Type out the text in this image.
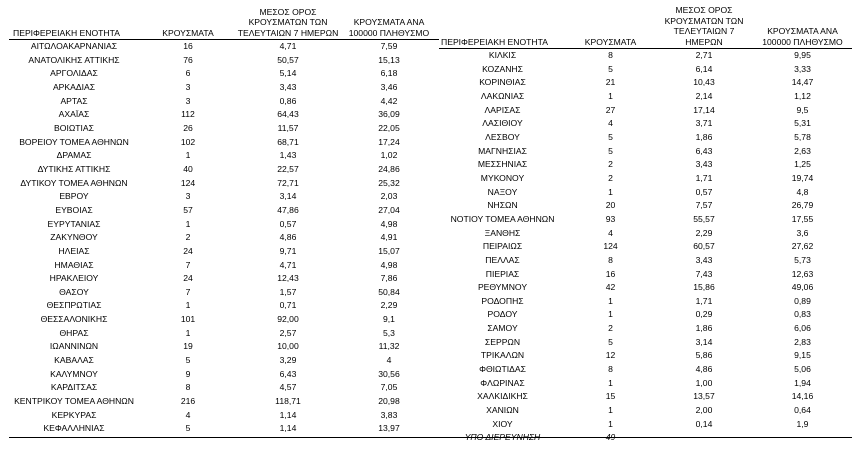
ΠΕΡΙΦΕΡΕΙΑΚΗ ΕΝΟΤΗΤΑ	ΚΡΟΥΣΜΑΤΑ	ΜΕΣΟΣ ΟΡΟΣ ΚΡΟΥΣΜΑΤΩΝ ΤΩΝ ΤΕΛΕΥΤΑΙΩΝ 7 ΗΜΕΡΩΝ	ΚΡΟΥΣΜΑΤΑ ΑΝΑ 100000 ΠΛΗΘΥΣΜΟ
ΑΙΤΩΛΟΑΚΑΡΝΑΝΙΑΣ	16	4,71	7,59
ΑΝΑΤΟΛΙΚΗΣ ΑΤΤΙΚΗΣ	76	50,57	15,13
ΑΡΓΟΛΙΔΑΣ	6	5,14	6,18
ΑΡΚΑΔΙΑΣ	3	3,43	3,46
ΑΡΤΑΣ	3	0,86	4,42
ΑΧΑΪΑΣ	112	64,43	36,09
ΒΟΙΩΤΙΑΣ	26	11,57	22,05
ΒΟΡΕΙΟΥ ΤΟΜΕΑ ΑΘΗΝΩΝ	102	68,71	17,24
ΔΡΑΜΑΣ	1	1,43	1,02
ΔΥΤΙΚΗΣ ΑΤΤΙΚΗΣ	40	22,57	24,86
ΔΥΤΙΚΟΥ ΤΟΜΕΑ ΑΘΗΝΩΝ	124	72,71	25,32
ΕΒΡΟΥ	3	3,14	2,03
ΕΥΒΟΙΑΣ	57	47,86	27,04
ΕΥΡΥΤΑΝΙΑΣ	1	0,57	4,98
ΖΑΚΥΝΘΟΥ	2	4,86	4,91
ΗΛΕΙΑΣ	24	9,71	15,07
ΗΜΑΘΙΑΣ	7	4,71	4,98
ΗΡΑΚΛΕΙΟΥ	24	12,43	7,86
ΘΑΣΟΥ	7	1,57	50,84
ΘΕΣΠΡΩΤΙΑΣ	1	0,71	2,29
ΘΕΣΣΑΛΟΝΙΚΗΣ	101	92,00	9,1
ΘΗΡΑΣ	1	2,57	5,3
ΙΩΑΝΝΙΝΩΝ	19	10,00	11,32
ΚΑΒΑΛΑΣ	5	3,29	4
ΚΑΛΥΜΝΟΥ	9	6,43	30,56
ΚΑΡΔΙΤΣΑΣ	8	4,57	7,05
ΚΕΝΤΡΙΚΟΥ ΤΟΜΕΑ ΑΘΗΝΩΝ	216	118,71	20,98
ΚΕΡΚΥΡΑΣ	4	1,14	3,83
ΚΕΦΑΛΛΗΝΙΑΣ	5	1,14	13,97
ΠΕΡΙΦΕΡΕΙΑΚΗ ΕΝΟΤΗΤΑ	ΚΡΟΥΣΜΑΤΑ	ΜΕΣΟΣ ΟΡΟΣ ΚΡΟΥΣΜΑΤΩΝ ΤΩΝ ΤΕΛΕΥΤΑΙΩΝ 7 ΗΜΕΡΩΝ	ΚΡΟΥΣΜΑΤΑ ΑΝΑ 100000 ΠΛΗΘΥΣΜΟ
ΚΙΛΚΙΣ	8	2,71	9,95
ΚΟΖΑΝΗΣ	5	6,14	3,33
ΚΟΡΙΝΘΙΑΣ	21	10,43	14,47
ΛΑΚΩΝΙΑΣ	1	2,14	1,12
ΛΑΡΙΣΑΣ	27	17,14	9,5
ΛΑΣΙΘΙΟΥ	4	3,71	5,31
ΛΕΣΒΟΥ	5	1,86	5,78
ΜΑΓΝΗΣΙΑΣ	5	6,43	2,63
ΜΕΣΣΗΝΙΑΣ	2	3,43	1,25
ΜΥΚΟΝΟΥ	2	1,71	19,74
ΝΑΞΟΥ	1	0,57	4,8
ΝΗΣΩΝ	20	7,57	26,79
ΝΟΤΙΟΥ ΤΟΜΕΑ ΑΘΗΝΩΝ	93	55,57	17,55
ΞΑΝΘΗΣ	4	2,29	3,6
ΠΕΙΡΑΙΩΣ	124	60,57	27,62
ΠΕΛΛΑΣ	8	3,43	5,73
ΠΙΕΡΙΑΣ	16	7,43	12,63
ΡΕΘΥΜΝΟΥ	42	15,86	49,06
ΡΟΔΟΠΗΣ	1	1,71	0,89
ΡΟΔΟΥ	1	0,29	0,83
ΣΑΜΟΥ	2	1,86	6,06
ΣΕΡΡΩΝ	5	3,14	2,83
ΤΡΙΚΑΛΩΝ	12	5,86	9,15
ΦΘΙΩΤΙΔΑΣ	8	4,86	5,06
ΦΛΩΡΙΝΑΣ	1	1,00	1,94
ΧΑΛΚΙΔΙΚΗΣ	15	13,57	14,16
ΧΑΝΙΩΝ	1	2,00	0,64
ΧΙΟΥ	1	0,14	1,9
ΥΠΟ ΔΙΕΡΕΥΝΗΣΗ	49		
